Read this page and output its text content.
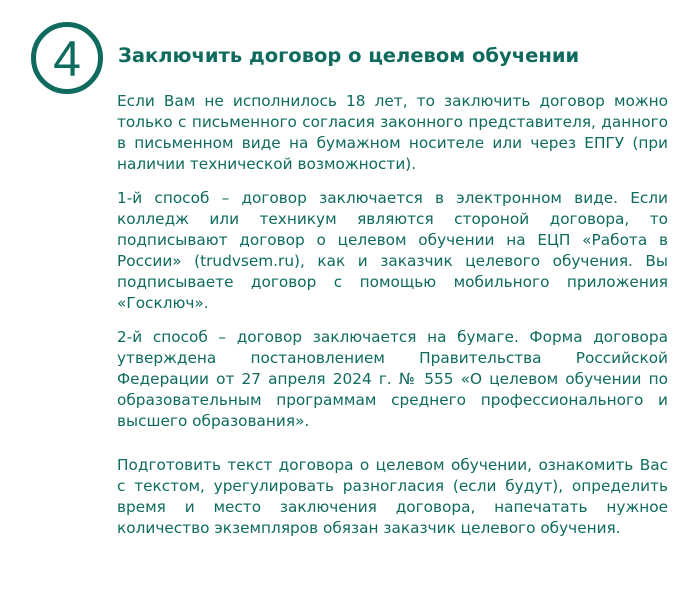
4 Заключить договор о целевом обучении

Если Вам не исполнилось 18 лет, то заключить договор можно только с письменного согласия законного представителя, данного в письменном виде на бумажном носителе или через ЕПГУ (при наличии технической возможности).

1-й способ – договор заключается в электронном виде. Если колледж или техникум являются стороной договора, то подписывают договор о целевом обучении на ЕЦП «Работа в России» (trudvsem.ru), как и заказчик целевого обучения. Вы подписываете договор с помощью мобильного приложения «Госключ».

2-й способ – договор заключается на бумаге. Форма договора утверждена постановлением Правительства Российской Федерации от 27 апреля 2024 г. № 555 «О целевом обучении по образовательным программам среднего профессионального и высшего образования».

Подготовить текст договора о целевом обучении, ознакомить Вас с текстом, урегулировать разногласия (если будут), определить время и место заключения договора, напечатать нужное количество экземпляров обязан заказчик целевого обучения.
